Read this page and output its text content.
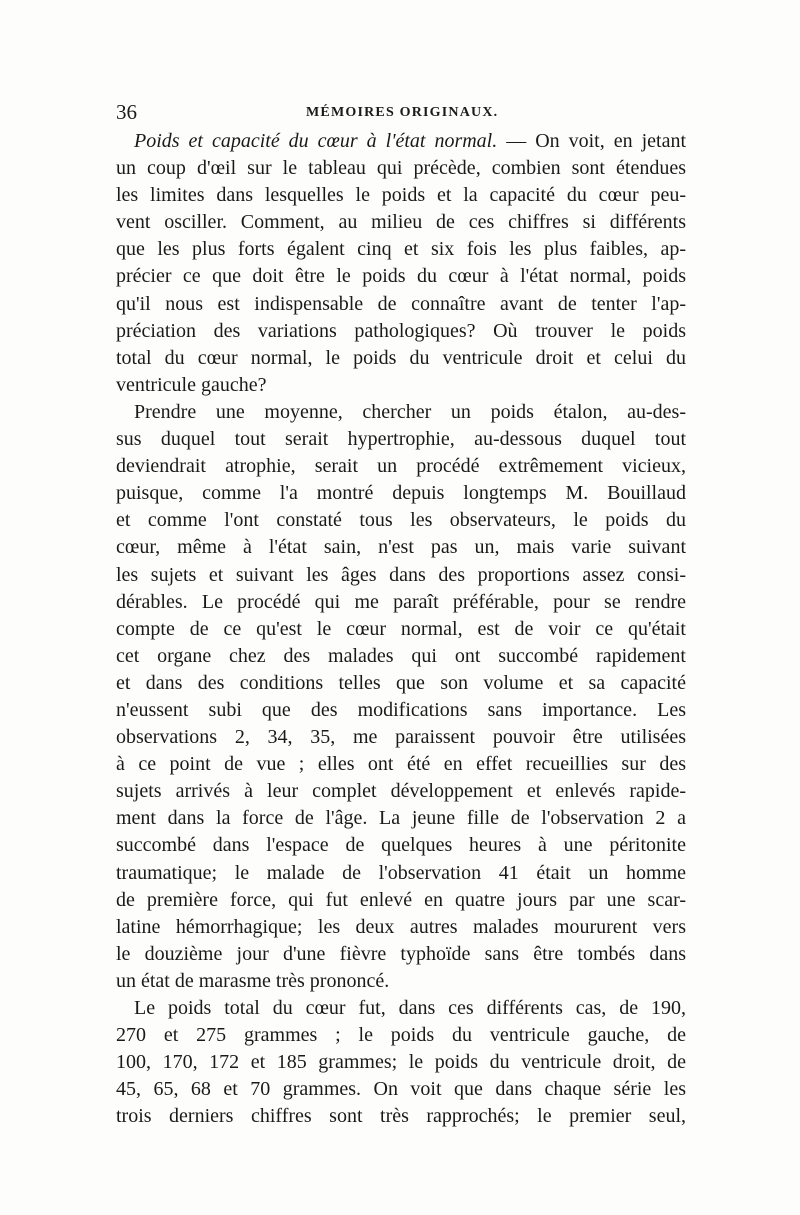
36	MÉMOIRES ORIGINAUX.
Poids et capacité du cœur à l'état normal. — On voit, en jetant
un coup d'œil sur le tableau qui précède, combien sont étendues
les limites dans lesquelles le poids et la capacité du cœur peu-
vent osciller. Comment, au milieu de ces chiffres si différents
que les plus forts égalent cinq et six fois les plus faibles, ap-
précier ce que doit être le poids du cœur à l'état normal, poids
qu'il nous est indispensable de connaître avant de tenter l'ap-
préciation des variations pathologiques? Où trouver le poids
total du cœur normal, le poids du ventricule droit et celui du
ventricule gauche?
Prendre une moyenne, chercher un poids étalon, au-des-
sus duquel tout serait hypertrophie, au-dessous duquel tout
deviendrait atrophie, serait un procédé extrêmement vicieux,
puisque, comme l'a montré depuis longtemps M. Bouillaud
et comme l'ont constaté tous les observateurs, le poids du
cœur, même à l'état sain, n'est pas un, mais varie suivant
les sujets et suivant les âges dans des proportions assez consi-
dérables. Le procédé qui me paraît préférable, pour se rendre
compte de ce qu'est le cœur normal, est de voir ce qu'était
cet organe chez des malades qui ont succombé rapidement
et dans des conditions telles que son volume et sa capacité
n'eussent subi que des modifications sans importance. Les
observations 2, 34, 35, me paraissent pouvoir être utilisées
à ce point de vue ; elles ont été en effet recueillies sur des
sujets arrivés à leur complet développement et enlevés rapide-
ment dans la force de l'âge. La jeune fille de l'observation 2 a
succombé dans l'espace de quelques heures à une péritonite
traumatique; le malade de l'observation 41 était un homme
de première force, qui fut enlevé en quatre jours par une scar-
latine hémorrhagique; les deux autres malades moururent vers
le douzième jour d'une fièvre typhoïde sans être tombés dans
un état de marasme très prononcé.
Le poids total du cœur fut, dans ces différents cas, de 190,
270 et 275 grammes ; le poids du ventricule gauche, de
100, 170, 172 et 185 grammes; le poids du ventricule droit, de
45, 65, 68 et 70 grammes. On voit que dans chaque série les
trois derniers chiffres sont très rapprochés; le premier seul,
